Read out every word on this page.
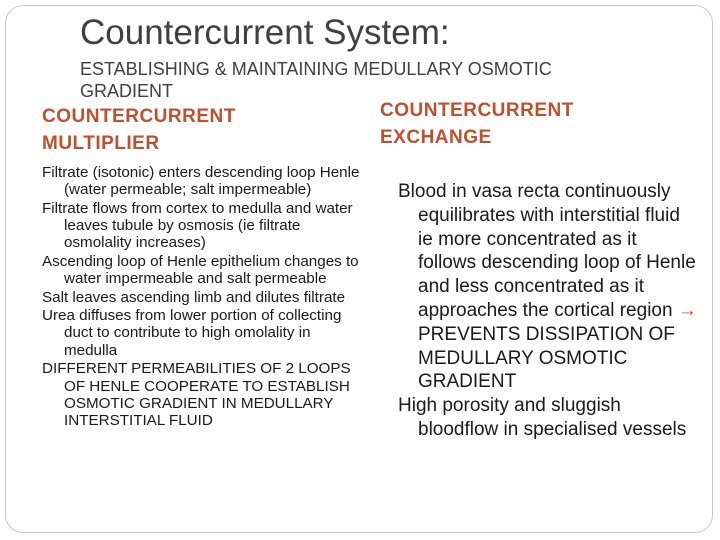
Countercurrent System:
ESTABLISHING & MAINTAINING MEDULLARY OSMOTIC GRADIENT
COUNTERCURRENT
MULTIPLIER
COUNTERCURRENT
EXCHANGE
Filtrate (isotonic) enters descending loop Henle (water permeable; salt impermeable)
Filtrate flows from cortex to medulla and water leaves tubule by osmosis (ie filtrate osmolality increases)
Ascending loop of Henle epithelium changes to water impermeable and salt permeable
Salt leaves ascending limb and dilutes filtrate
Urea diffuses from lower portion of collecting duct to contribute to high omolality in medulla
DIFFERENT PERMEABILITIES OF 2 LOOPS OF HENLE COOPERATE TO ESTABLISH OSMOTIC GRADIENT IN MEDULLARY INTERSTITIAL FLUID
Blood in vasa recta continuously equilibrates with interstitial fluid ie more concentrated as it follows descending loop of Henle and less concentrated as it approaches the cortical region → PREVENTS DISSIPATION OF MEDULLARY OSMOTIC GRADIENT
High porosity and sluggish bloodflow in specialised vessels
